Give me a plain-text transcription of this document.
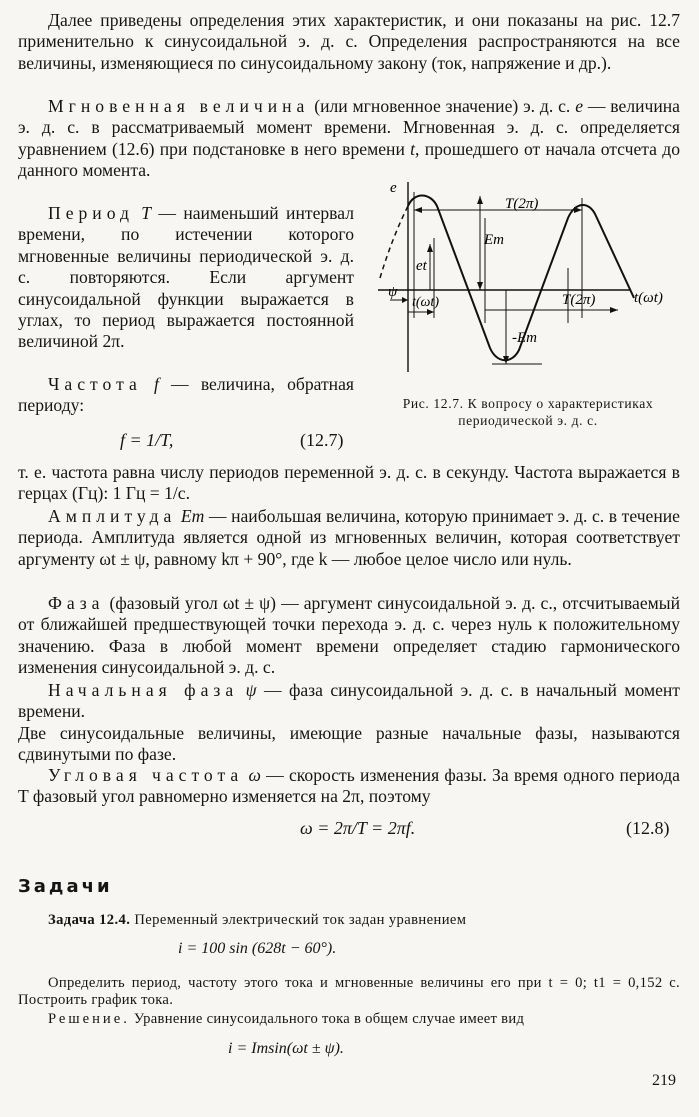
Далее приведены определения этих характеристик, и они показаны на рис. 12.7 применительно к синусоидальной э. д. с. Определения распространяются на все величины, изменяющиеся по синусоидальному закону (ток, напряжение и др.).

Мгновенная величина (или мгновенное значение) э. д. с. e — величина э. д. с. в рассматриваемый момент времени. Мгновенная э. д. с. определяется уравнением (12.6) при подстановке в него времени t, прошедшего от начала отсчета до данного момента.

Период T — наименьший интервал времени, по истечении которого мгновенные величины периодической э. д. с. повторяются. Если аргумент синусоидальной функции выражается в углах, то период выражается постоянной величиной 2π.

Частота f — величина, обратная периоду:

f = 1/T,	(12.7)

т. е. частота равна числу периодов переменной э. д. с. в секунду. Частота выражается в герцах (Гц): 1 Гц = 1/с.

Амплитуда Em — наибольшая величина, которую принимает э. д. с. в течение периода. Амплитуда является одной из мгновенных величин, которая соответствует аргументу ωt ± ψ, равному kπ + 90°, где k — любое целое число или нуль.

Фаза (фазовый угол ωt ± ψ) — аргумент синусоидальной э. д. с., отсчитываемый от ближайшей предшествующей точки перехода э. д. с. через нуль к положительному значению. Фаза в любой момент времени определяет стадию гармонического изменения синусоидальной э. д. с.

Начальная фаза ψ — фаза синусоидальной э. д. с. в начальный момент времени.

Две синусоидальные величины, имеющие разные начальные фазы, называются сдвинутыми по фазе.

Угловая частота ω — скорость изменения фазы. За время одного периода T фазовый угол равномерно изменяется на 2π, поэтому

ω = 2π/T = 2πf.	(12.8)
Задачи

Задача 12.4. Переменный электрический ток задан уравнением

i = 100 sin (628t − 60°).

Определить период, частоту этого тока и мгновенные величины его при t = 0; t1 = 0,152 с. Построить график тока.

Решение. Уравнение синусоидального тока в общем случае имеет вид

i = Imsin(ωt ± ψ).
219
e
T(2π)
Em
et
ψ
t(ωt)	T(2π)	t(ωt)
-Em
Рис. 12.7. К вопросу о характеристиках периодической э. д. с.
